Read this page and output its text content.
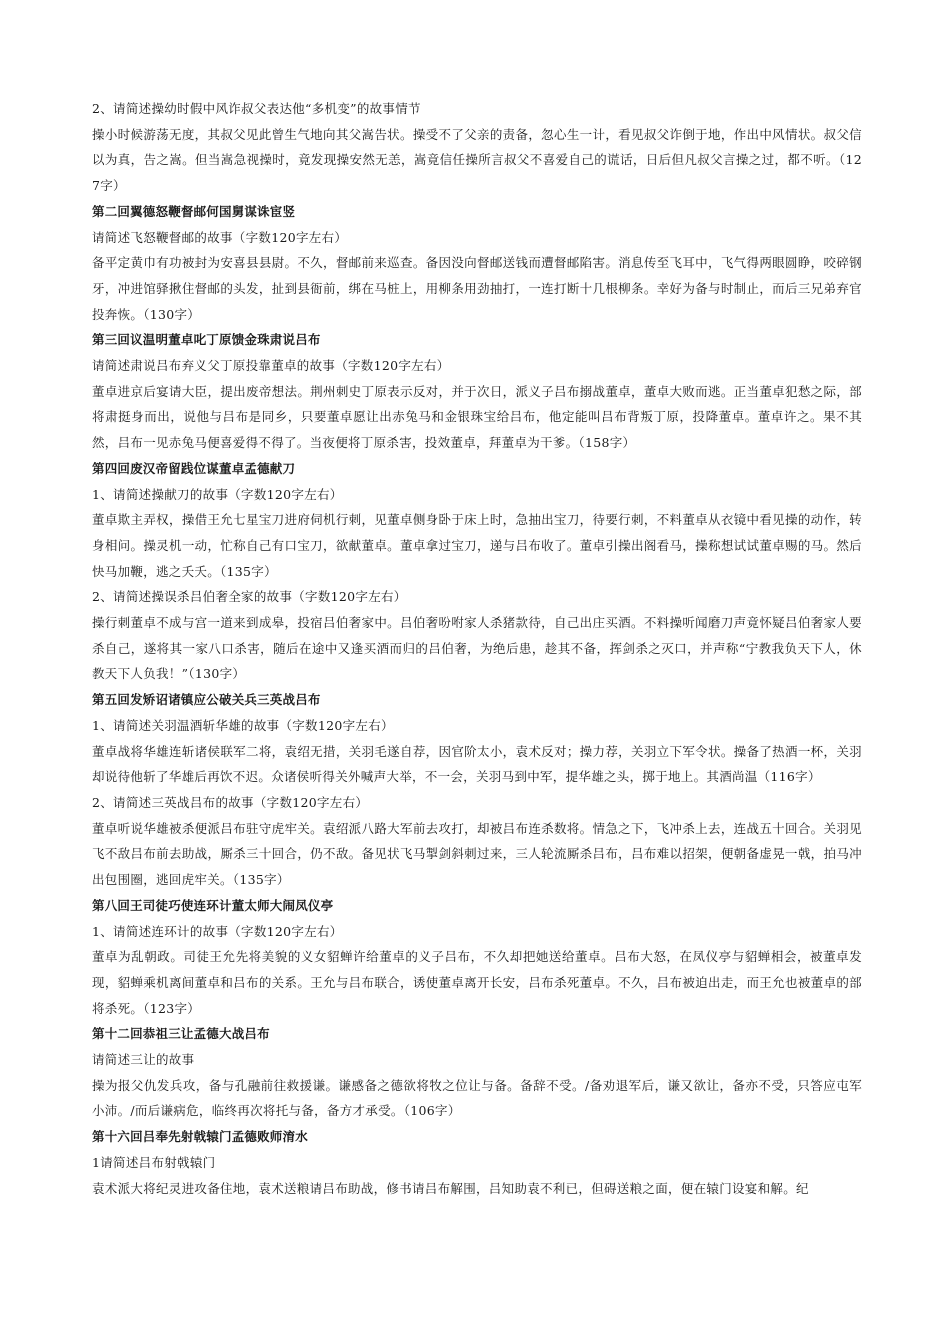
2、请简述操幼时假中风诈叔父表达他“多机变”的故事情节

操小时候游荡无度，其叔父见此曾生气地向其父嵩告状。操受不了父亲的责备，忽心生一计，看见叔父诈倒于地，作出中风情状。叔父信以为真，告之嵩。但当嵩急视操时，竟发现操安然无恙，嵩竟信任操所言叔父不喜爱自己的谎话，日后但凡叔父言操之过，都不听。（127字）

第二回翼德怒鞭督邮何国舅谋诛宦竖

请简述飞怒鞭督邮的故事（字数120字左右）

备平定黄巾有功被封为安喜县县尉。不久，督邮前来巡查。备因没向督邮送钱而遭督邮陷害。消息传至飞耳中，飞气得两眼圆睁，咬碎钢牙，冲进馆驿揪住督邮的头发，扯到县衙前，绑在马桩上，用柳条用劲抽打，一连打断十几根柳条。幸好为备与时制止，而后三兄弟弃官投奔恢。（130字）

第三回议温明董卓叱丁原馈金珠肃说吕布

请简述肃说吕布弃义父丁原投靠董卓的故事（字数120字左右）

董卓进京后宴请大臣，提出废帝想法。荆州刺史丁原表示反对，并于次日，派义子吕布搦战董卓，董卓大败而逃。正当董卓犯愁之际，部将肃挺身而出，说他与吕布是同乡，只要董卓愿让出赤兔马和金银珠宝给吕布，他定能叫吕布背叛丁原，投降董卓。董卓许之。果不其然，吕布一见赤兔马便喜爱得不得了。当夜便将丁原杀害，投效董卓，拜董卓为干爹。（158字）

第四回废汉帝留践位谋董卓孟德献刀

1、请简述操献刀的故事（字数120字左右）

董卓欺主弄权，操借王允七星宝刀进府伺机行刺，见董卓侧身卧于床上时，急抽出宝刀，待要行刺，不料董卓从衣镜中看见操的动作，转身相问。操灵机一动，忙称自己有口宝刀，欲献董卓。董卓拿过宝刀，递与吕布收了。董卓引操出阁看马，操称想试试董卓赐的马。然后快马加鞭，逃之夭夭。（135字）

2、请简述操误杀吕伯奢全家的故事（字数120字左右）

操行刺董卓不成与宫一道来到成皋，投宿吕伯奢家中。吕伯奢吩咐家人杀猪款待，自己出庄买酒。不料操听闻磨刀声竟怀疑吕伯奢家人要杀自己，遂将其一家八口杀害，随后在途中又逢买酒而归的吕伯奢，为绝后患，趁其不备，挥剑杀之灭口，并声称“宁教我负天下人，休教天下人负我！”（130字）

第五回发矫诏诸镇应公破关兵三英战吕布

1、请简述关羽温酒斩华雄的故事（字数120字左右）

董卓战将华雄连斩诸侯联军二将，袁绍无措，关羽毛遂自荐，因官阶太小，袁术反对；操力荐，关羽立下军令状。操备了热酒一杯，关羽却说待他斩了华雄后再饮不迟。众诸侯听得关外喊声大举，不一会，关羽马到中军，提华雄之头，掷于地上。其酒尚温（116字）

2、请简述三英战吕布的故事（字数120字左右）

董卓听说华雄被杀便派吕布驻守虎牢关。袁绍派八路大军前去攻打，却被吕布连杀数将。情急之下，飞冲杀上去，连战五十回合。关羽见飞不敌吕布前去助战，厮杀三十回合，仍不敌。备见状飞马掣剑斜刺过来，三人轮流厮杀吕布，吕布难以招架，便朝备虚晃一戟，拍马冲出包围圈，逃回虎牢关。（135字）

第八回王司徒巧使连环计董太师大闹凤仪亭

1、请简述连环计的故事（字数120字左右）

董卓为乱朝政。司徒王允先将美貌的义女貂蝉许给董卓的义子吕布，不久却把她送给董卓。吕布大怒，在凤仪亭与貂蝉相会，被董卓发现，貂蝉乘机离间董卓和吕布的关系。王允与吕布联合，诱使董卓离开长安，吕布杀死董卓。不久，吕布被迫出走，而王允也被董卓的部将杀死。（123字）

第十二回恭祖三让孟德大战吕布

请简述三让的故事

操为报父仇发兵攻，备与孔融前往救援谦。谦感备之德欲将牧之位让与备。备辞不受。/备劝退军后，谦又欲让，备亦不受，只答应屯军小沛。/而后谦病危，临终再次将托与备，备方才承受。（106字）

第十六回吕奉先射戟辕门孟德败师淯水

1请简述吕布射戟辕门

袁术派大将纪灵进攻备住地，袁术送粮请吕布助战，修书请吕布解围，吕知助袁不利已，但碍送粮之面，便在辕门设宴和解。纪
